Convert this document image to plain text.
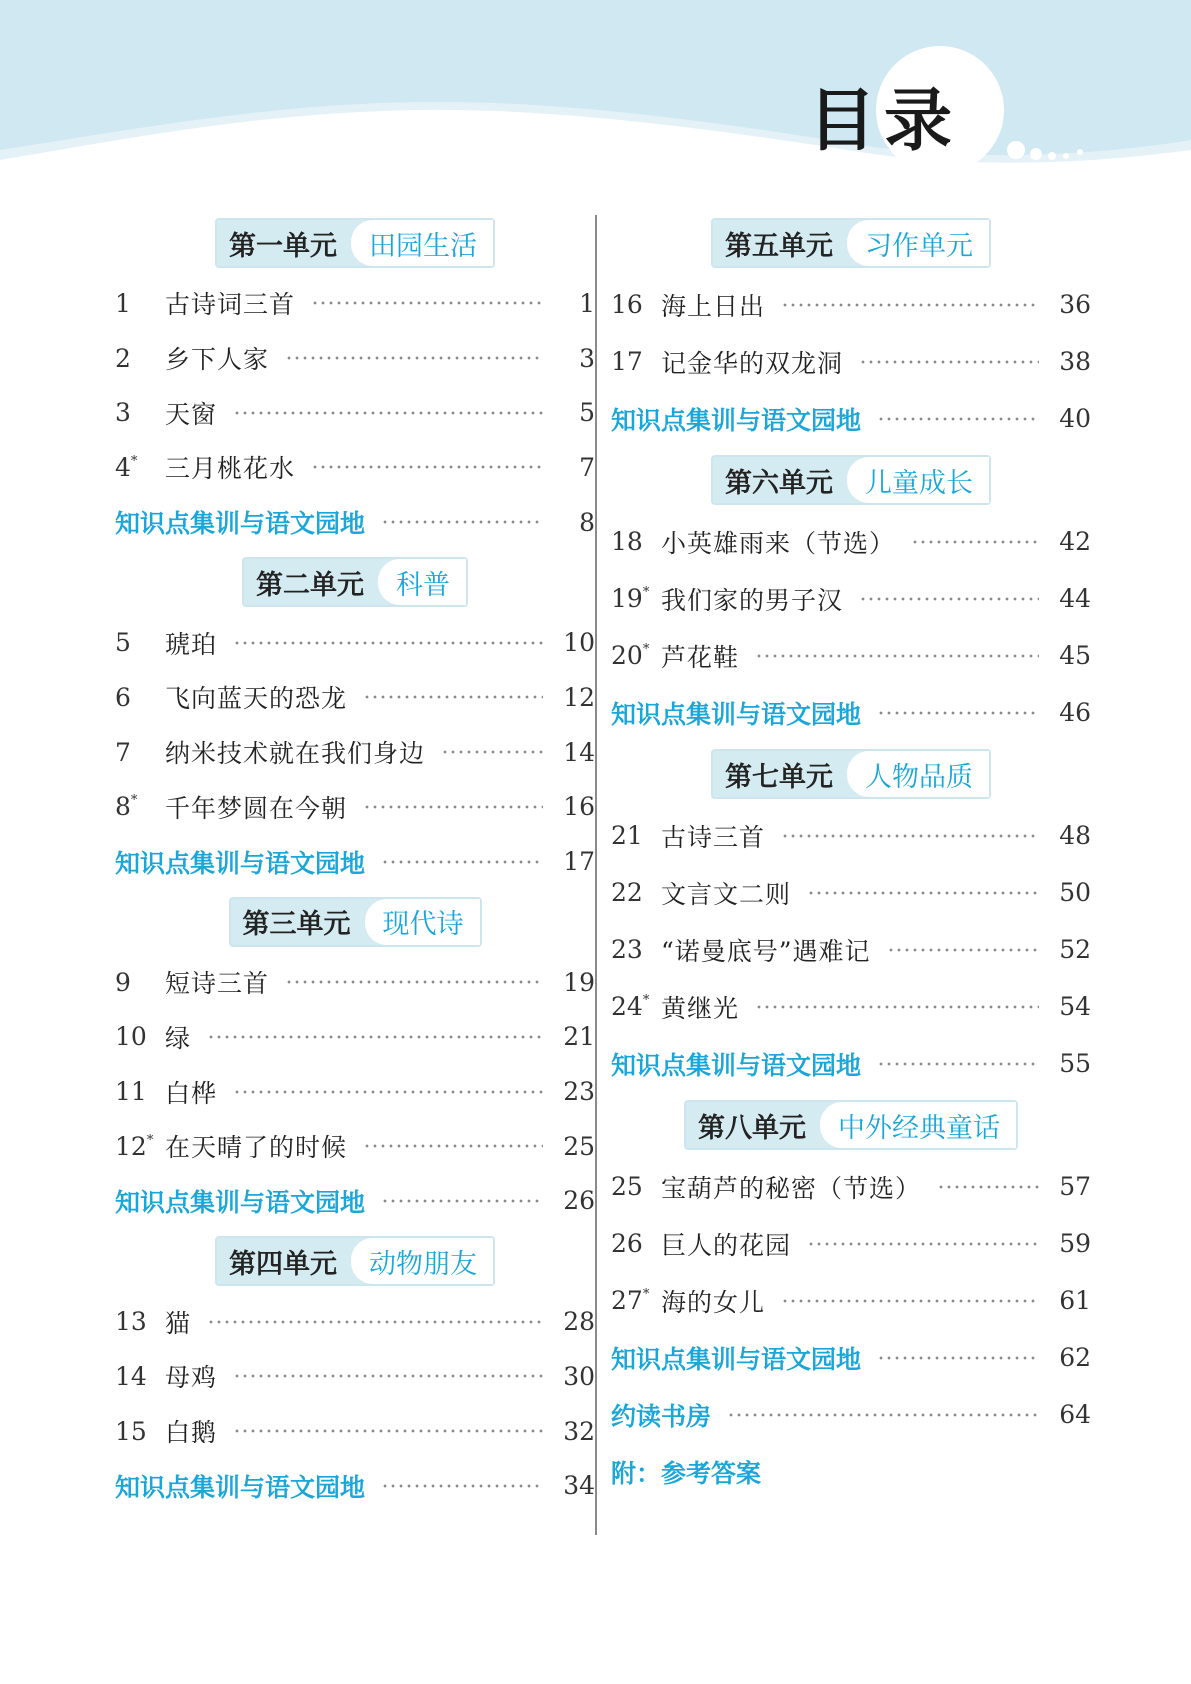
目录
第一单元	田园生活
1	古诗词三首	1
2	乡下人家	3
3	天窗	5
4*	三月桃花水	7
知识点集训与语文园地	8
第二单元	科普
5	琥珀	10
6	飞向蓝天的恐龙	12
7	纳米技术就在我们身边	14
8*	千年梦圆在今朝	16
知识点集训与语文园地	17
第三单元	现代诗
9	短诗三首	19
10 绿	21
11 白桦	23
12* 在天晴了的时候	25
知识点集训与语文园地	26
第四单元	动物朋友
13 猫	28
14 母鸡	30
15 白鹅	32
知识点集训与语文园地	34
第五单元	习作单元
16 海上日出	36
17 记金华的双龙洞	38
知识点集训与语文园地	40
第六单元	儿童成长
18 小英雄雨来（节选）	42
19* 我们家的男子汉	44
20* 芦花鞋	45
知识点集训与语文园地	46
第七单元	人物品质
21 古诗三首	48
22 文言文二则	50
23 “诺曼底号”遇难记	52
24* 黄继光	54
知识点集训与语文园地	55
第八单元	中外经典童话
25 宝葫芦的秘密（节选）	57
26 巨人的花园	59
27* 海的女儿	61
知识点集训与语文园地	62
约读书房	64
附：参考答案
